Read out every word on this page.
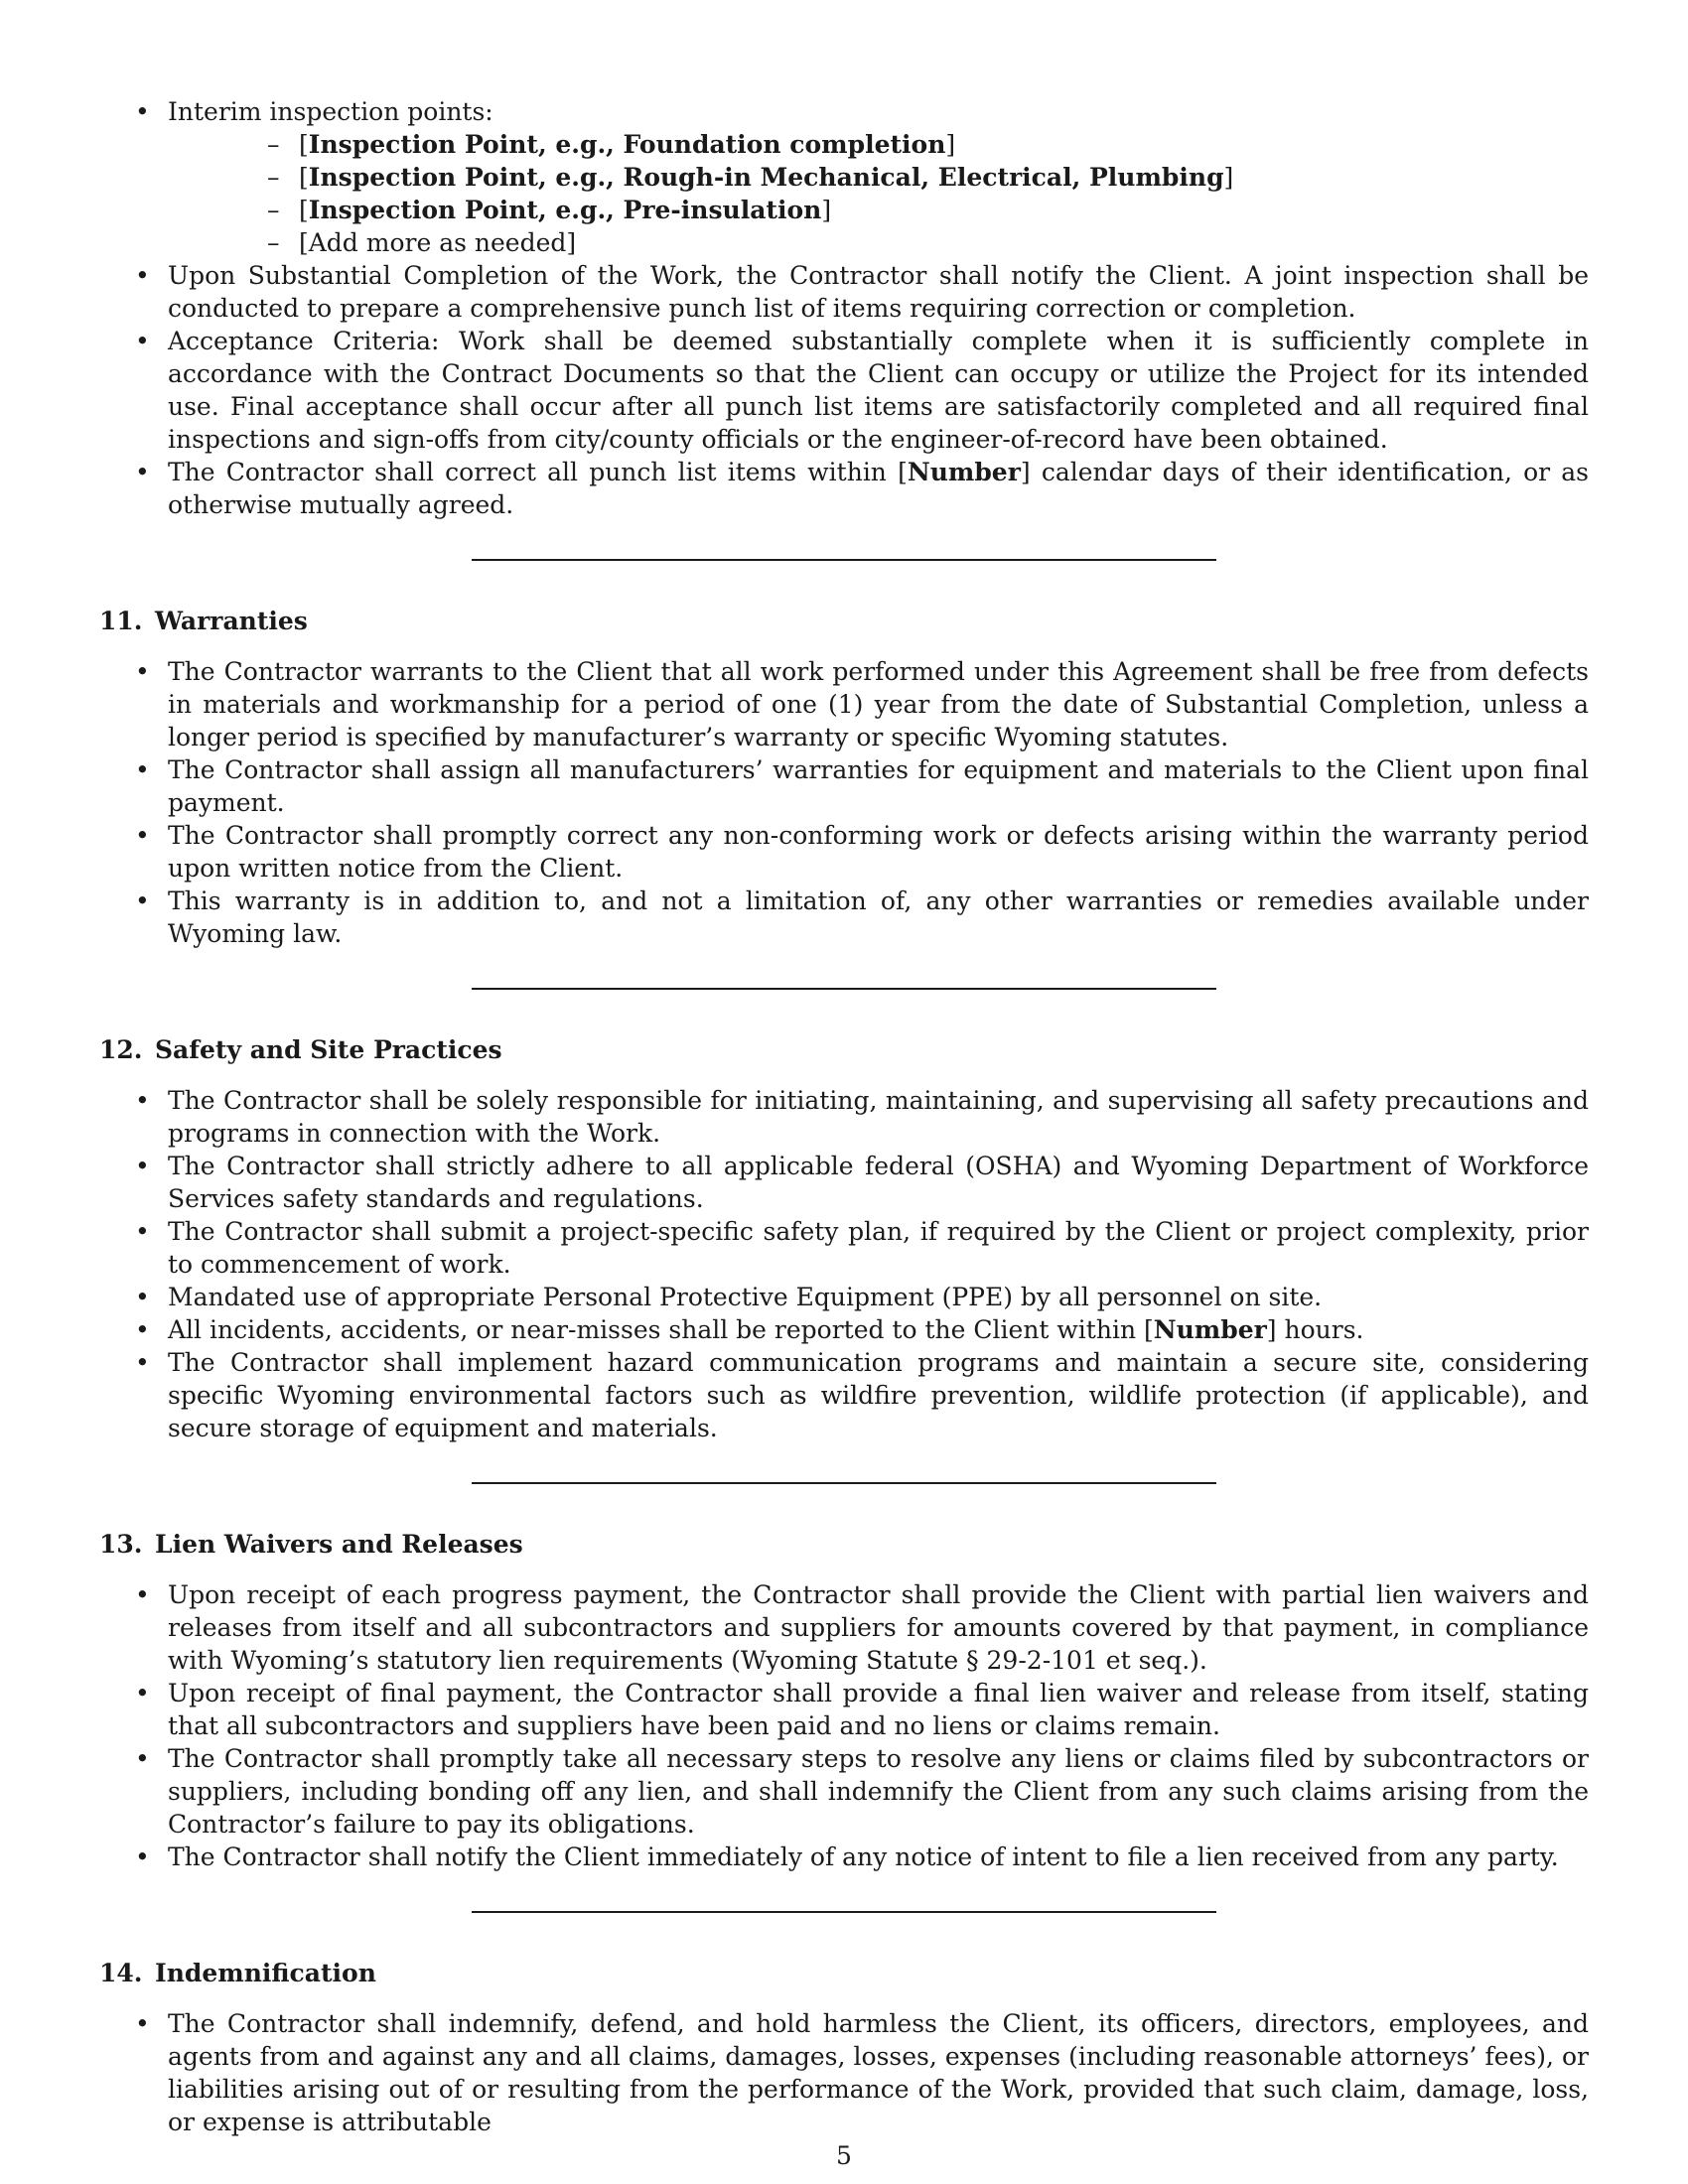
• Interim inspection points:
– [Inspection Point, e.g., Foundation completion]
– [Inspection Point, e.g., Rough-in Mechanical, Electrical, Plumbing]
– [Inspection Point, e.g., Pre-insulation]
– [Add more as needed]
• Upon Substantial Completion of the Work, the Contractor shall notify the Client. A joint inspection shall be conducted to prepare a comprehensive punch list of items requiring correction or completion.
• Acceptance Criteria: Work shall be deemed substantially complete when it is sufficiently complete in accordance with the Contract Documents so that the Client can occupy or utilize the Project for its intended use. Final acceptance shall occur after all punch list items are satisfactorily completed and all required final inspections and sign-offs from city/county officials or the engineer-of-record have been obtained.
• The Contractor shall correct all punch list items within [Number] calendar days of their identification, or as otherwise mutually agreed.
11. Warranties
• The Contractor warrants to the Client that all work performed under this Agreement shall be free from defects in materials and workmanship for a period of one (1) year from the date of Substantial Completion, unless a longer period is specified by manufacturer’s warranty or specific Wyoming statutes.
• The Contractor shall assign all manufacturers’ warranties for equipment and materials to the Client upon final payment.
• The Contractor shall promptly correct any non-conforming work or defects arising within the warranty period upon written notice from the Client.
• This warranty is in addition to, and not a limitation of, any other warranties or remedies available under Wyoming law.
12. Safety and Site Practices
• The Contractor shall be solely responsible for initiating, maintaining, and supervising all safety precautions and programs in connection with the Work.
• The Contractor shall strictly adhere to all applicable federal (OSHA) and Wyoming Department of Workforce Services safety standards and regulations.
• The Contractor shall submit a project-specific safety plan, if required by the Client or project complexity, prior to commencement of work.
• Mandated use of appropriate Personal Protective Equipment (PPE) by all personnel on site.
• All incidents, accidents, or near-misses shall be reported to the Client within [Number] hours.
• The Contractor shall implement hazard communication programs and maintain a secure site, considering specific Wyoming environmental factors such as wildfire prevention, wildlife protection (if applicable), and secure storage of equipment and materials.
13. Lien Waivers and Releases
• Upon receipt of each progress payment, the Contractor shall provide the Client with partial lien waivers and releases from itself and all subcontractors and suppliers for amounts covered by that payment, in compliance with Wyoming’s statutory lien requirements (Wyoming Statute § 29-2-101 et seq.).
• Upon receipt of final payment, the Contractor shall provide a final lien waiver and release from itself, stating that all subcontractors and suppliers have been paid and no liens or claims remain.
• The Contractor shall promptly take all necessary steps to resolve any liens or claims filed by subcontractors or suppliers, including bonding off any lien, and shall indemnify the Client from any such claims arising from the Contractor’s failure to pay its obligations.
• The Contractor shall notify the Client immediately of any notice of intent to file a lien received from any party.
14. Indemnification
• The Contractor shall indemnify, defend, and hold harmless the Client, its officers, directors, employees, and agents from and against any and all claims, damages, losses, expenses (including reasonable attorneys’ fees), or liabilities arising out of or resulting from the performance of the Work, provided that such claim, damage, loss, or expense is attributable
5
